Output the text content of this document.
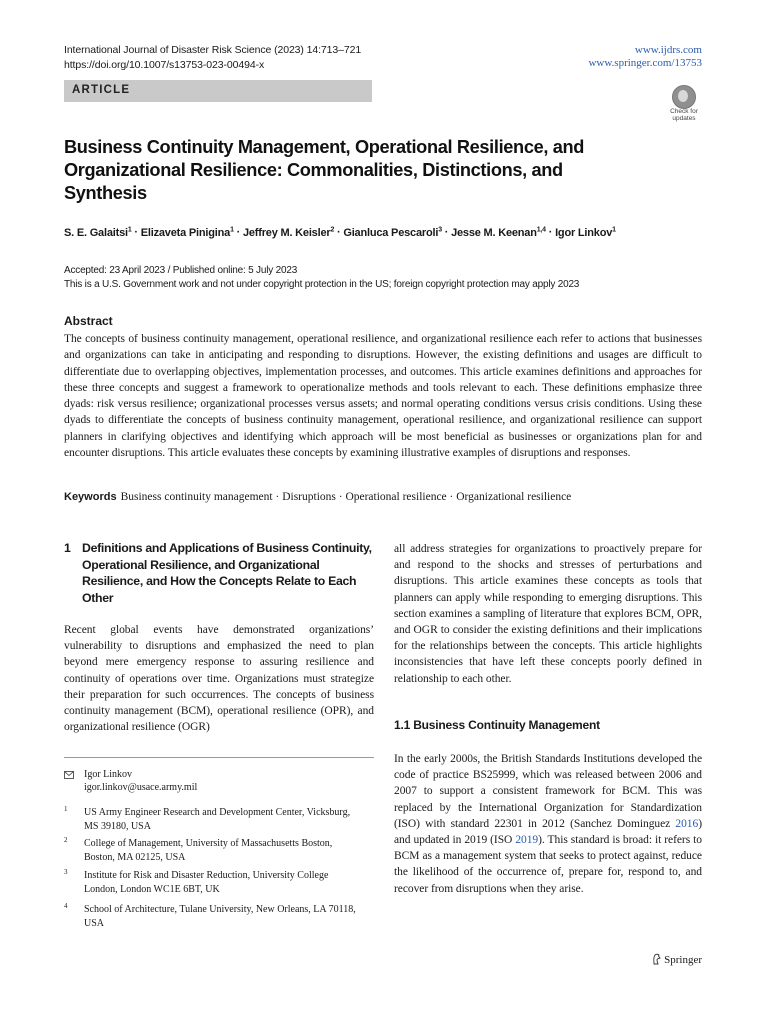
International Journal of Disaster Risk Science (2023) 14:713–721
https://doi.org/10.1007/s13753-023-00494-x
www.ijdrs.com
www.springer.com/13753
ARTICLE
Check for updates
Business Continuity Management, Operational Resilience, and Organizational Resilience: Commonalities, Distinctions, and Synthesis
S. E. Galaitsi$^1$ · Elizaveta Pinigina$^1$ · Jeffrey M. Keisler$^2$ · Gianluca Pescaroli$^3$ · Jesse M. Keenan$^{1,4}$ · Igor Linkov$^1$
Accepted: 23 April 2023 / Published online: 5 July 2023
This is a U.S. Government work and not under copyright protection in the US; foreign copyright protection may apply 2023
Abstract
The concepts of business continuity management, operational resilience, and organizational resilience each refer to actions that businesses and organizations can take in anticipating and responding to disruptions. However, the existing definitions and usages are difficult to differentiate due to overlapping objectives, implementation processes, and outcomes. This article examines definitions and approaches for these three concepts and suggest a framework to operationalize methods and tools relevant to each. These definitions emphasize three dyads: risk versus resilience; organizational processes versus assets; and normal operating conditions versus crisis conditions. Using these dyads to differentiate the concepts of business continuity management, operational resilience, and organizational resilience can support planners in clarifying objectives and identifying which approach will be most beneficial as businesses or organizations plan for and encounter disruptions. This article evaluates these concepts by examining illustrative examples of disruptions and responses.
Keywords Business continuity management · Disruptions · Operational resilience · Organizational resilience
1 Definitions and Applications of Business Continuity, Operational Resilience, and Organizational Resilience, and How the Concepts Relate to Each Other
Recent global events have demonstrated organizations’ vulnerability to disruptions and emphasized the need to plan beyond mere emergency response to assuring resilience and continuity of operations over time. Organizations must strategize their preparation for such occurrences. The concepts of business continuity management (BCM), operational resilience (OPR), and organizational resilience (OGR)
Igor Linkov
igor.linkov@usace.army.mil
1 US Army Engineer Research and Development Center, Vicksburg, MS 39180, USA
2 College of Management, University of Massachusetts Boston, Boston, MA 02125, USA
3 Institute for Risk and Disaster Reduction, University College London, London WC1E 6BT, UK
4 School of Architecture, Tulane University, New Orleans, LA 70118, USA
all address strategies for organizations to proactively prepare for and respond to the shocks and stresses of perturbations and disruptions. This article examines these concepts as tools that planners can apply while responding to emerging disruptions. This section examines a sampling of literature that explores BCM, OPR, and OGR to consider the existing definitions and their implications for the relationships between the concepts. This article highlights inconsistencies that have left these concepts poorly defined in relationship to each other.
1.1 Business Continuity Management
In the early 2000s, the British Standards Institutions developed the code of practice BS25999, which was released between 2006 and 2007 to support a consistent framework for BCM. This was replaced by the International Organization for Standardization (ISO) with standard 22301 in 2012 (Sanchez Dominguez 2016) and updated in 2019 (ISO 2019). This standard is broad: it refers to BCM as a management system that seeks to protect against, reduce the likelihood of the occurrence of, prepare for, respond to, and recover from disruptions when they arise.
Springer
